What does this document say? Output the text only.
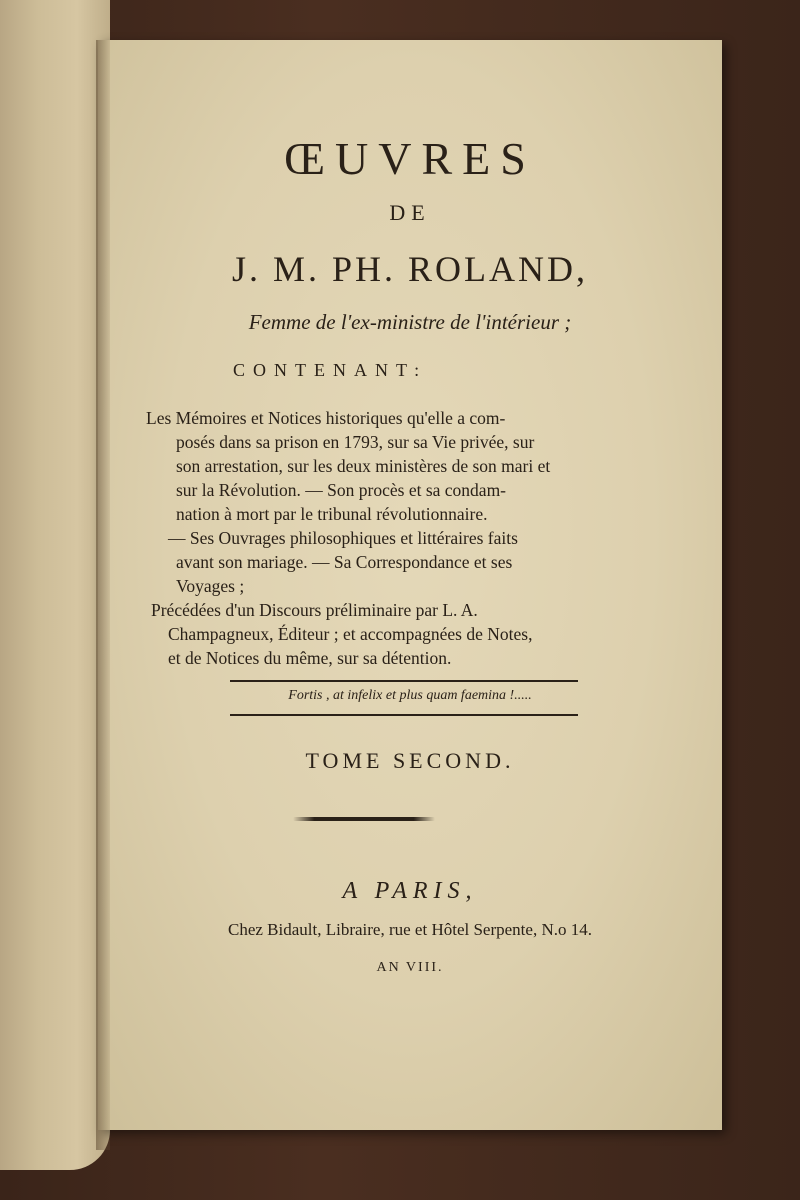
ŒUVRES
DE
J. M. PH. ROLAND,
Femme de l'ex-ministre de l'intérieur ;
CONTENANT:

Les Mémoires et Notices historiques qu'elle a com-

posés dans sa prison en 1793, sur sa Vie privée, sur

son arrestation, sur les deux ministères de son mari et

sur la Révolution. — Son procès et sa condam-

nation à mort par le tribunal révolutionnaire.

— Ses Ouvrages philosophiques et littéraires faits

avant son mariage. — Sa Correspondance et ses

Voyages ;

Précédées d'un Discours préliminaire par L. A.

Champagneux, Éditeur ; et accompagnées de Notes,

et de Notices du même, sur sa détention.

Fortis , at infelix et plus quam faemina !.....
TOME SECOND.
A PARIS,
Chez Bidault, Libraire, rue et Hôtel Serpente, N.o 14.
AN VIII.
